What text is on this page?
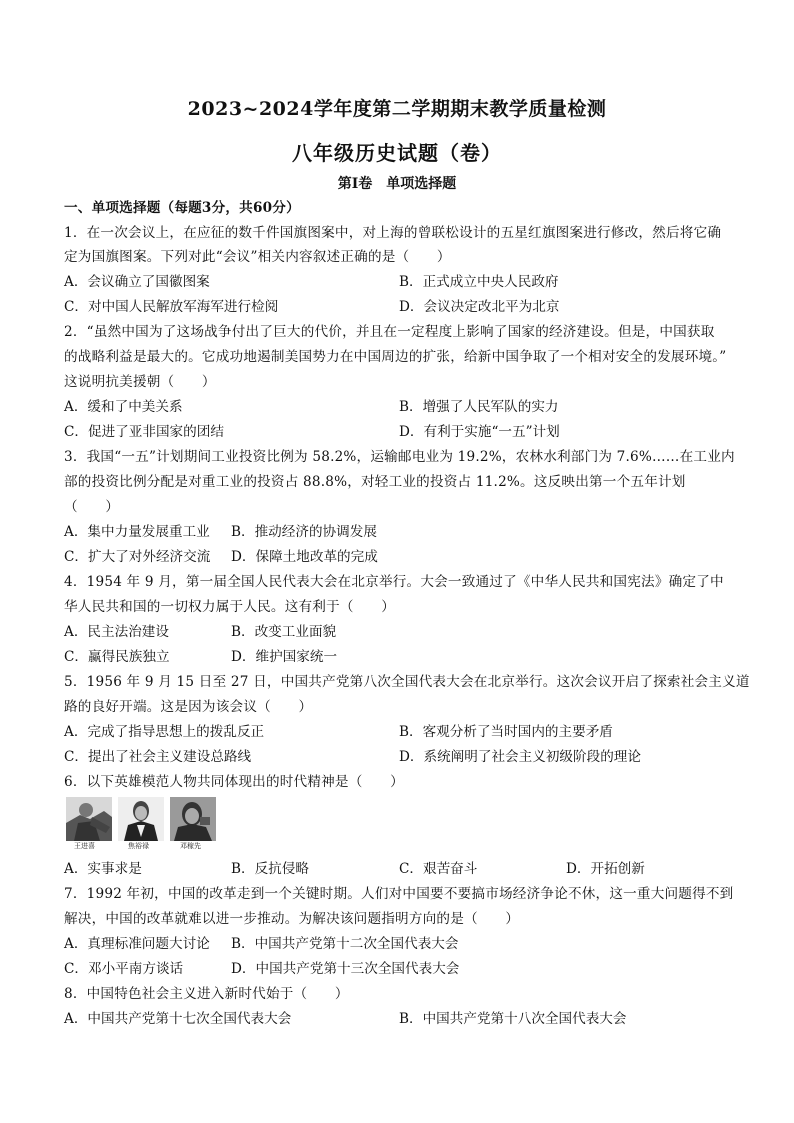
2023~2024学年度第二学期期末教学质量检测
八年级历史试题（卷）
第Ⅰ卷　单项选择题
一、单项选择题（每题3分，共60分）
1．在一次会议上，在应征的数千件国旗图案中，对上海的曾联松设计的五星红旗图案进行修改，然后将它确
定为国旗图案。下列对此“会议”相关内容叙述正确的是（　　）
A．会议确立了国徽图案	B．正式成立中央人民政府
C．对中国人民解放军海军进行检阅	D．会议决定改北平为北京
2．“虽然中国为了这场战争付出了巨大的代价，并且在一定程度上影响了国家的经济建设。但是，中国获取
的战略利益是最大的。它成功地遏制美国势力在中国周边的扩张，给新中国争取了一个相对安全的发展环境。”
这说明抗美援朝（　　）
A．缓和了中美关系	B．增强了人民军队的实力
C．促进了亚非国家的团结	D．有利于实施“一五”计划
3．我国“一五”计划期间工业投资比例为 58.2%，运输邮电业为 19.2%，农林水利部门为 7.6%……在工业内
部的投资比例分配是对重工业的投资占 88.8%，对轻工业的投资占 11.2%。这反映出第一个五年计划
（　　）
A．集中力量发展重工业 B．推动经济的协调发展
C．扩大了对外经济交流 D．保障土地改革的完成
4．1954 年 9 月，第一届全国人民代表大会在北京举行。大会一致通过了《中华人民共和国宪法》确定了中
华人民共和国的一切权力属于人民。这有利于（　　）
A．民主法治建设	B．改变工业面貌
C．赢得民族独立	D．维护国家统一
5．1956 年 9 月 15 日至 27 日，中国共产党第八次全国代表大会在北京举行。这次会议开启了探索社会主义道
路的良好开端。这是因为该会议（　　）
A．完成了指导思想上的拨乱反正	B．客观分析了当时国内的主要矛盾
C．提出了社会主义建设总路线	D．系统阐明了社会主义初级阶段的理论
6．以下英雄模范人物共同体现出的时代精神是（　　）
王进喜	焦裕禄	邓稼先
A．实事求是	B．反抗侵略	C．艰苦奋斗	D．开拓创新
7．1992 年初，中国的改革走到一个关键时期。人们对中国要不要搞市场经济争论不休，这一重大问题得不到
解决，中国的改革就难以进一步推动。为解决该问题指明方向的是（　　）
A．真理标准问题大讨论 B．中国共产党第十二次全国代表大会
C．邓小平南方谈话	D．中国共产党第十三次全国代表大会
8．中国特色社会主义进入新时代始于（　　）
A．中国共产党第十七次全国代表大会	B．中国共产党第十八次全国代表大会
